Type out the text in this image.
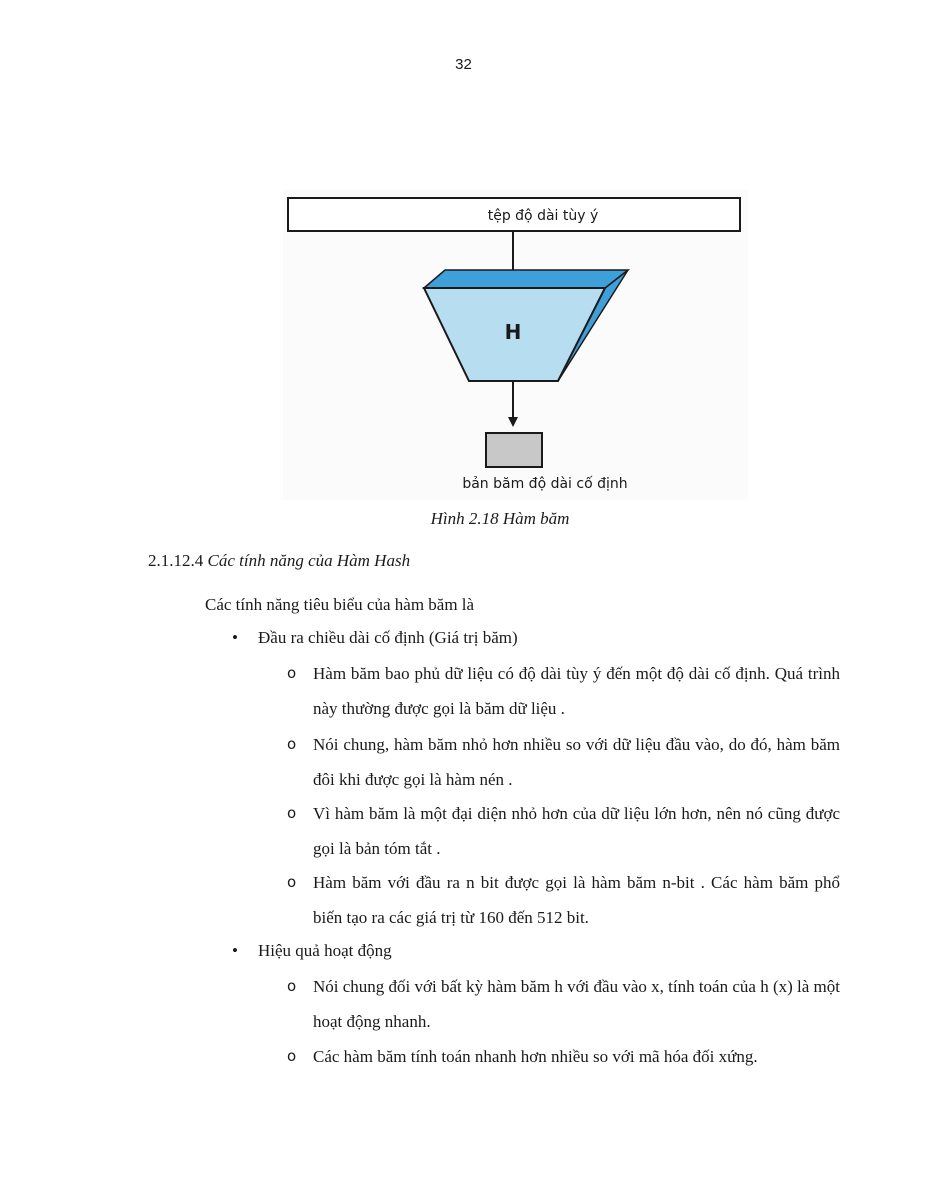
32
tệp độ dài tùy ý
H
bản băm độ dài cố định
Hình 2.18 Hàm băm
2.1.12.4 Các tính năng của Hàm Hash
Các tính năng tiêu biểu của hàm băm là
• Đầu ra chiều dài cố định (Giá trị băm)
o Hàm băm bao phủ dữ liệu có độ dài tùy ý đến một độ dài cố định. Quá trình này thường được gọi là băm dữ liệu .
o Nói chung, hàm băm nhỏ hơn nhiều so với dữ liệu đầu vào, do đó, hàm băm đôi khi được gọi là hàm nén .
o Vì hàm băm là một đại diện nhỏ hơn của dữ liệu lớn hơn, nên nó cũng được gọi là bản tóm tắt .
o Hàm băm với đầu ra n bit được gọi là hàm băm n-bit . Các hàm băm phổ biến tạo ra các giá trị từ 160 đến 512 bit.
• Hiệu quả hoạt động
o Nói chung đối với bất kỳ hàm băm h với đầu vào x, tính toán của h (x) là một hoạt động nhanh.
o Các hàm băm tính toán nhanh hơn nhiều so với mã hóa đối xứng.
